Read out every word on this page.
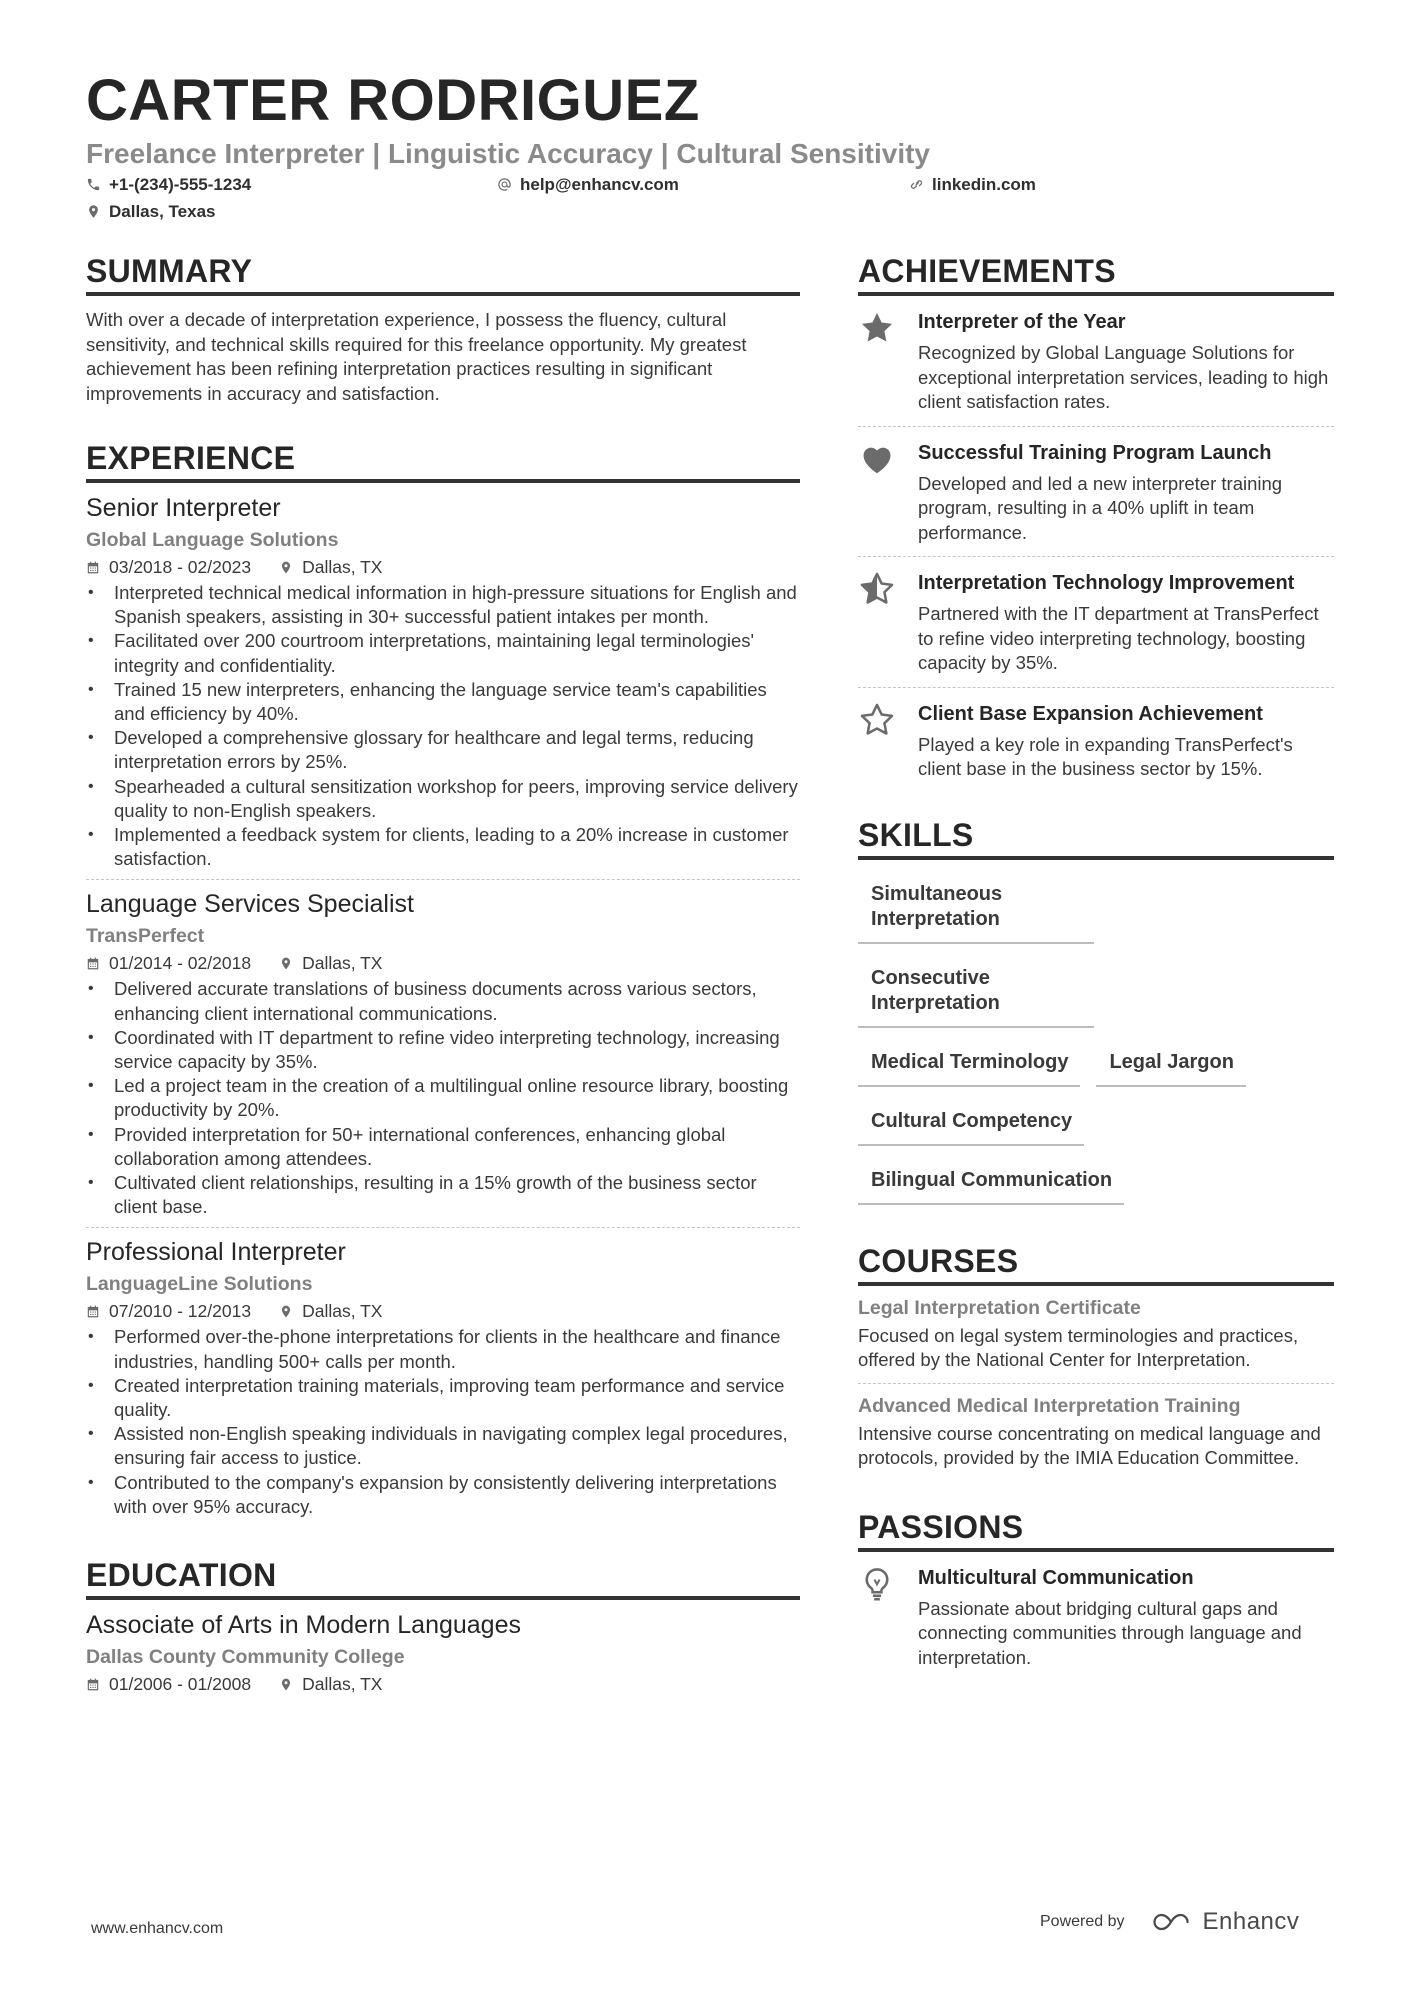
CARTER RODRIGUEZ
Freelance Interpreter | Linguistic Accuracy | Cultural Sensitivity
+1-(234)-555-1234	help@enhancv.com	linkedin.com
Dallas, Texas
SUMMARY
With over a decade of interpretation experience, I possess the fluency, cultural sensitivity, and technical skills required for this freelance opportunity. My greatest achievement has been refining interpretation practices resulting in significant improvements in accuracy and satisfaction.
EXPERIENCE
Senior Interpreter
Global Language Solutions
03/2018 - 02/2023	Dallas, TX
• Interpreted technical medical information in high-pressure situations for English and Spanish speakers, assisting in 30+ successful patient intakes per month.
• Facilitated over 200 courtroom interpretations, maintaining legal terminologies' integrity and confidentiality.
• Trained 15 new interpreters, enhancing the language service team's capabilities and efficiency by 40%.
• Developed a comprehensive glossary for healthcare and legal terms, reducing interpretation errors by 25%.
• Spearheaded a cultural sensitization workshop for peers, improving service delivery quality to non-English speakers.
• Implemented a feedback system for clients, leading to a 20% increase in customer satisfaction.
Language Services Specialist
TransPerfect
01/2014 - 02/2018	Dallas, TX
• Delivered accurate translations of business documents across various sectors, enhancing client international communications.
• Coordinated with IT department to refine video interpreting technology, increasing service capacity by 35%.
• Led a project team in the creation of a multilingual online resource library, boosting productivity by 20%.
• Provided interpretation for 50+ international conferences, enhancing global collaboration among attendees.
• Cultivated client relationships, resulting in a 15% growth of the business sector client base.
Professional Interpreter
LanguageLine Solutions
07/2010 - 12/2013	Dallas, TX
• Performed over-the-phone interpretations for clients in the healthcare and finance industries, handling 500+ calls per month.
• Created interpretation training materials, improving team performance and service quality.
• Assisted non-English speaking individuals in navigating complex legal procedures, ensuring fair access to justice.
• Contributed to the company's expansion by consistently delivering interpretations with over 95% accuracy.
EDUCATION
Associate of Arts in Modern Languages
Dallas County Community College
01/2006 - 01/2008	Dallas, TX
ACHIEVEMENTS
Interpreter of the Year
Recognized by Global Language Solutions for exceptional interpretation services, leading to high client satisfaction rates.
Successful Training Program Launch
Developed and led a new interpreter training program, resulting in a 40% uplift in team performance.
Interpretation Technology Improvement
Partnered with the IT department at TransPerfect to refine video interpreting technology, boosting capacity by 35%.
Client Base Expansion Achievement
Played a key role in expanding TransPerfect's client base in the business sector by 15%.
SKILLS
Simultaneous Interpretation
Consecutive Interpretation
Medical Terminology	Legal Jargon
Cultural Competency
Bilingual Communication
COURSES
Legal Interpretation Certificate
Focused on legal system terminologies and practices, offered by the National Center for Interpretation.
Advanced Medical Interpretation Training
Intensive course concentrating on medical language and protocols, provided by the IMIA Education Committee.
PASSIONS
Multicultural Communication
Passionate about bridging cultural gaps and connecting communities through language and interpretation.
www.enhancv.com	Powered by	Enhancv
